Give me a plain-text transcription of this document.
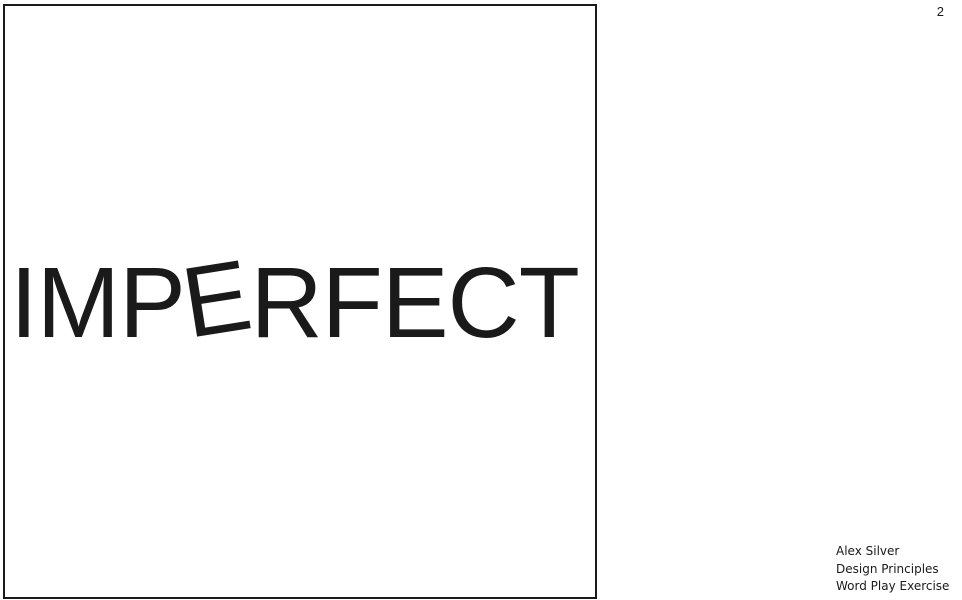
I M P
E
R F E C T
2
Alex Silver
Design Principles
Word Play Exercise
